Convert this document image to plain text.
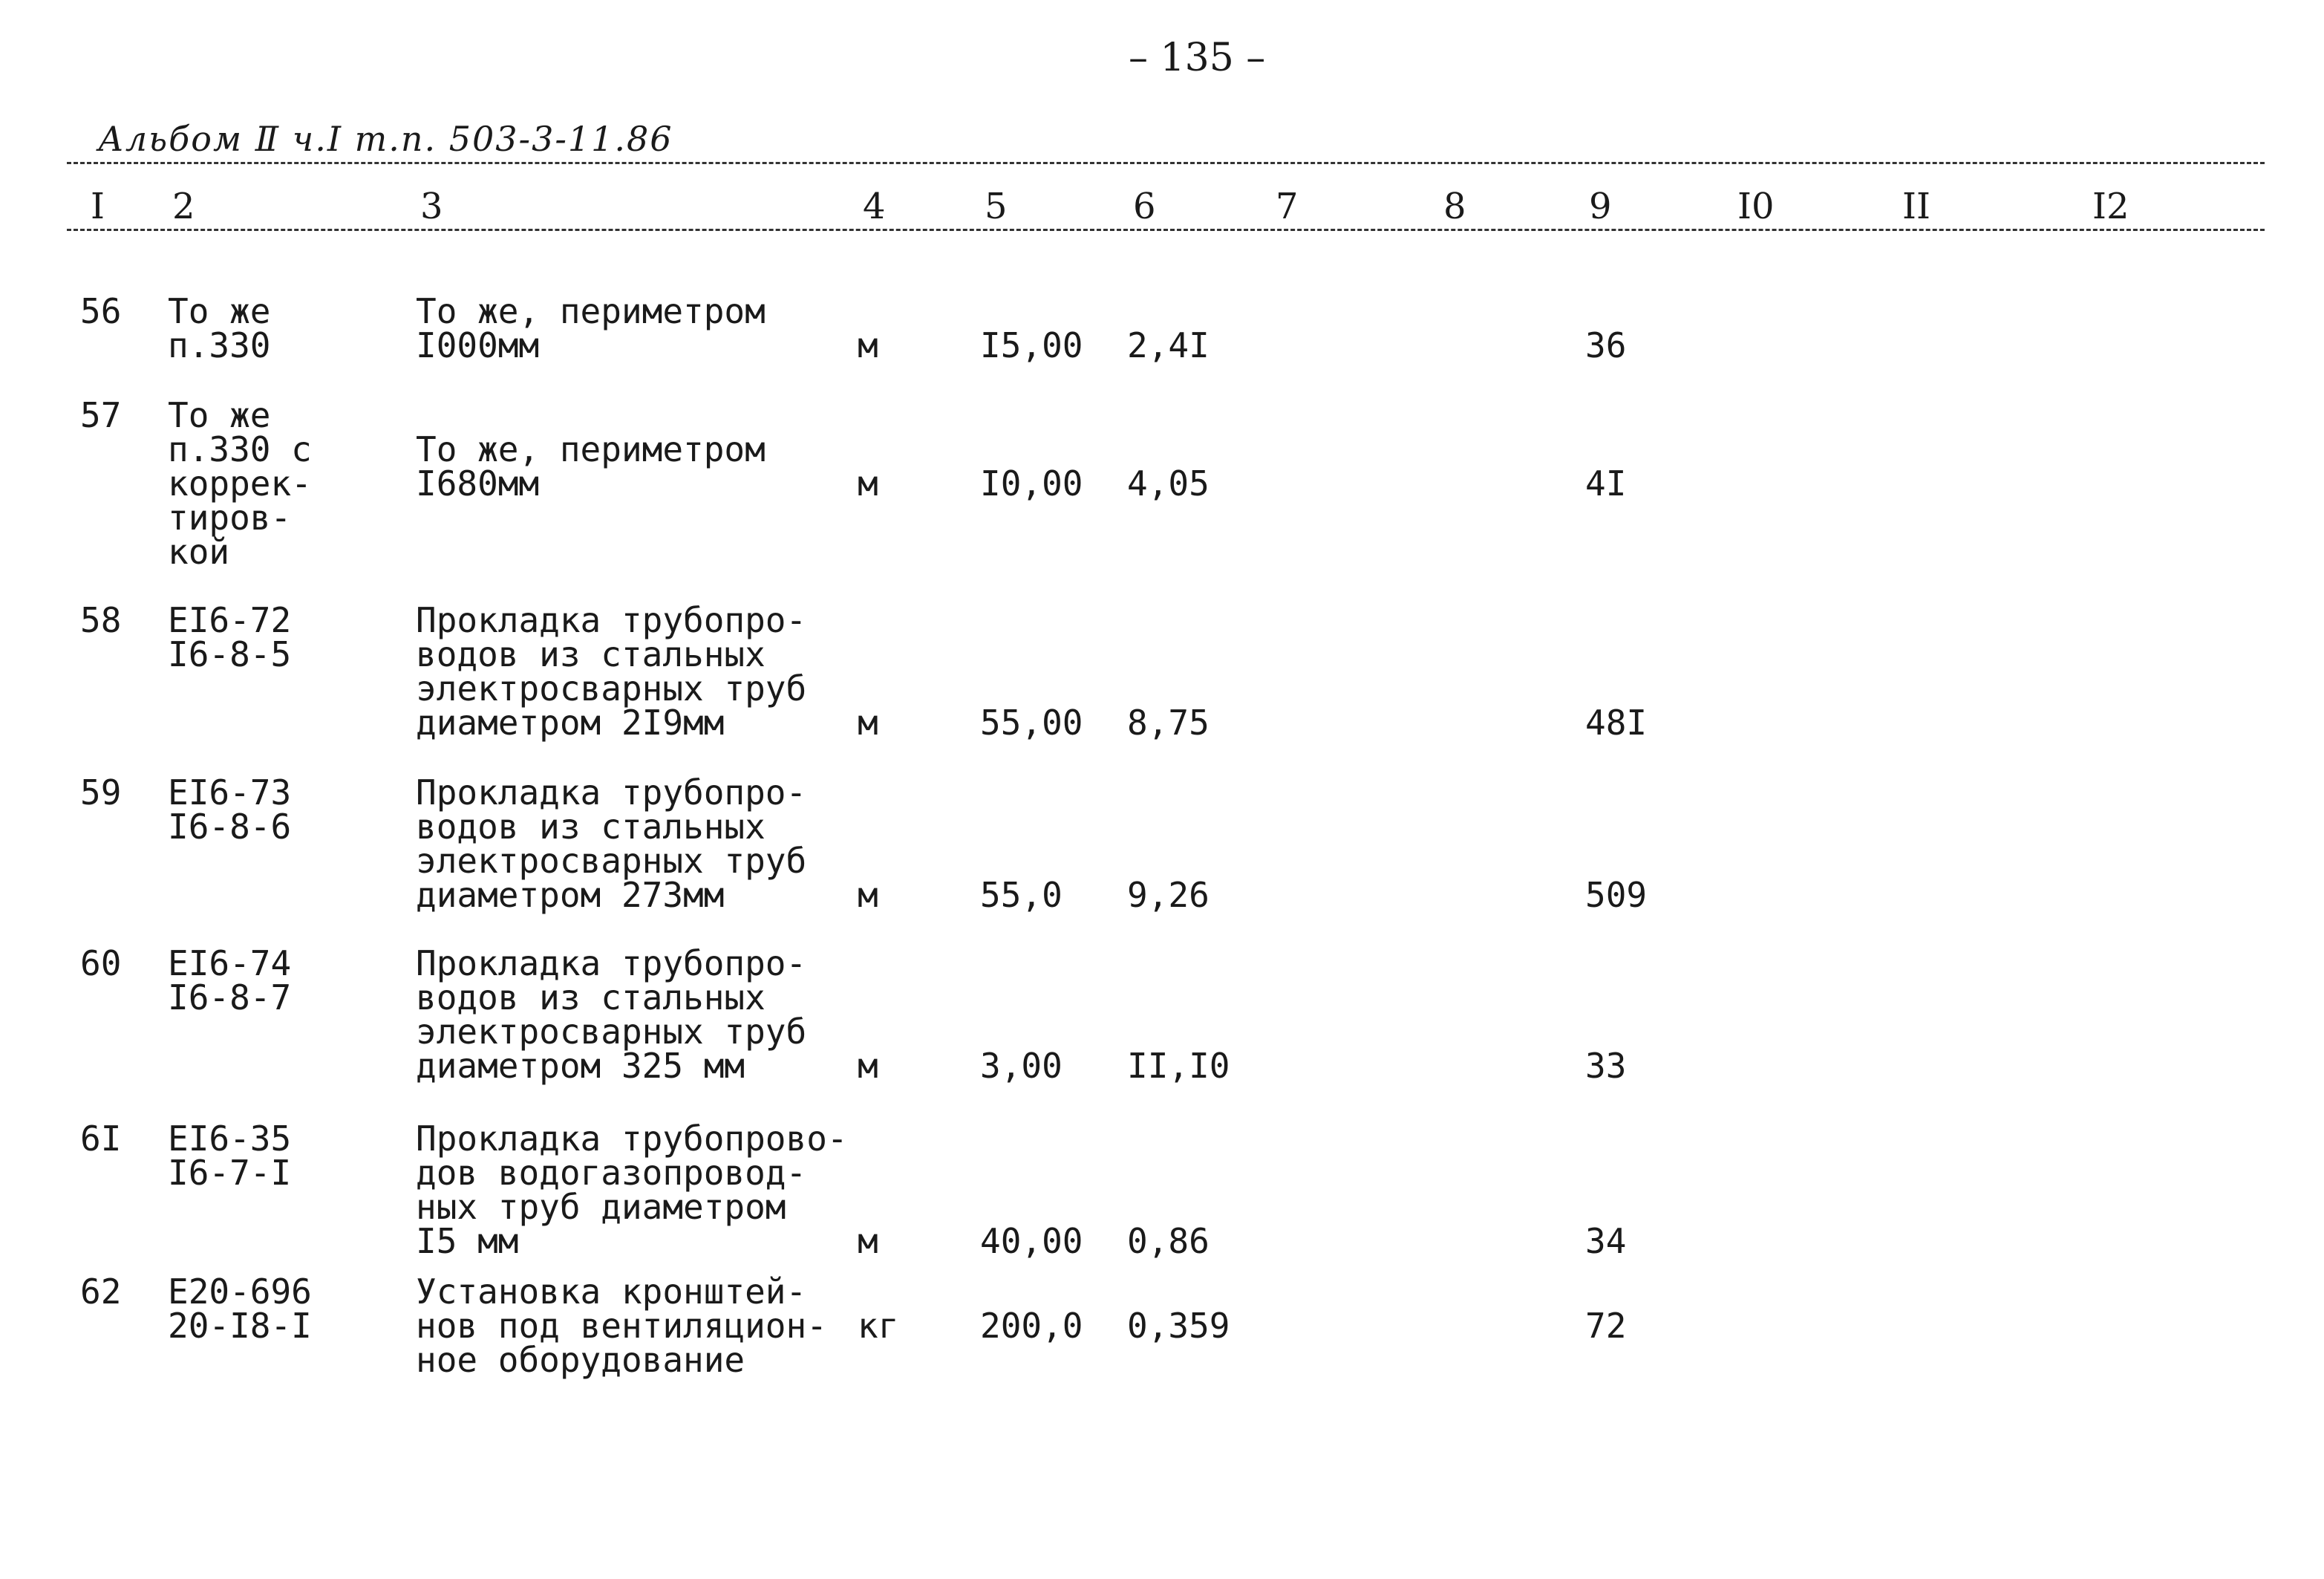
– 135 –
Альбом Ⅱ ч.I т.п. 503-3-11.86
I 2	3	4	5	6	7	8	9	I0	II	I2
56 То же
п.330
То же, периметром
I000мм	м	I5,00 2,4I	36
57 То же
п.330 с
коррек-
тиров-
кой
То же, периметром
I680мм	м	I0,00 4,05	4I
58 EI6-72
I6-8-5
Прокладка трубопро-
водов из стальных
электросварных труб
диаметром 2I9мм	м	55,00 8,75	48I
59 EI6-73
I6-8-6
Прокладка трубопро-
водов из стальных
электросварных труб
диаметром 273мм	м	55,0 9,26	509
60 EI6-74
I6-8-7
Прокладка трубопро-
водов из стальных
электросварных труб
диаметром 325 мм	м	3,00 II,I0	33
6I EI6-35
I6-7-I
Прокладка трубопрово-
дов водогазопровод-
ных труб диаметром
I5 мм	м	40,00 0,86	34
62 E20-696
20-I8-I
Установка кронштей-
нов под вентиляцион-
ное оборудование
кг 200,0 0,359	72
